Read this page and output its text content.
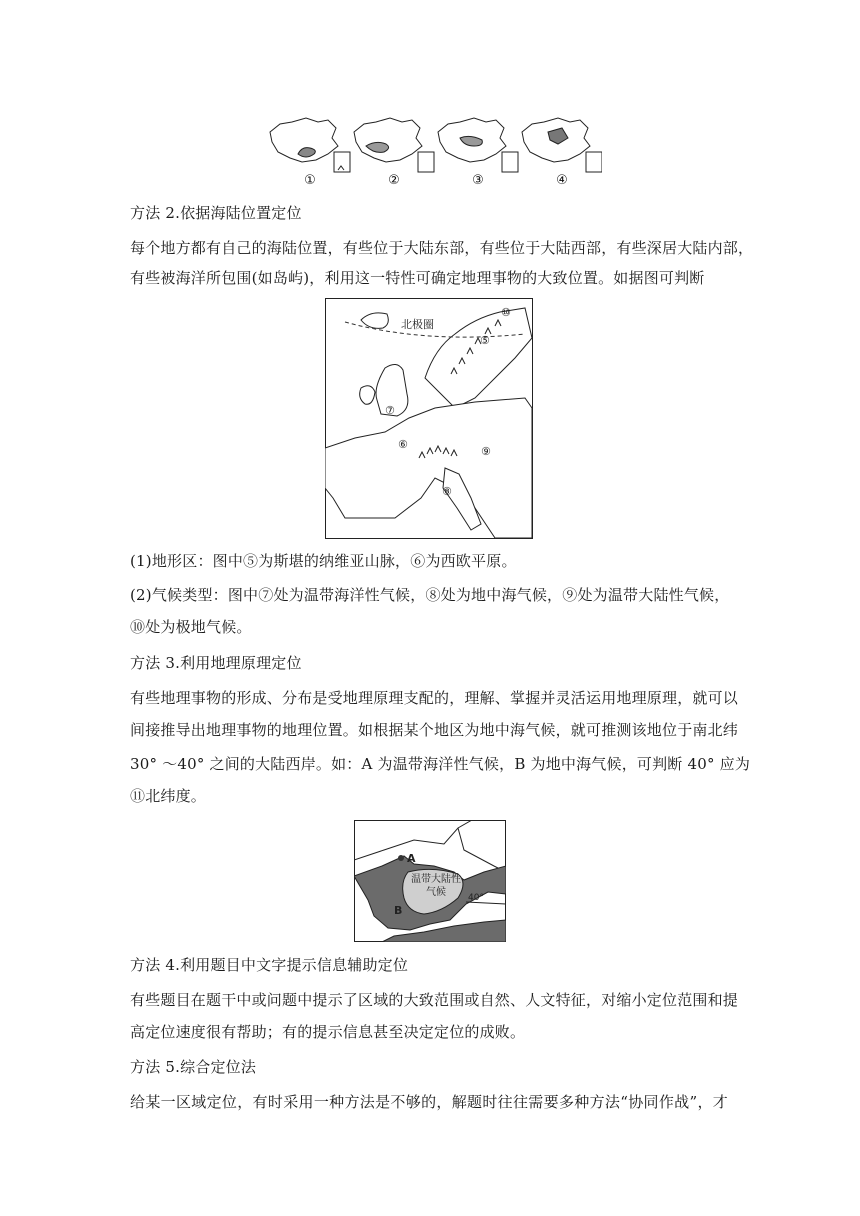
①	②	③	④
方法 2.依据海陆位置定位
每个地方都有自己的海陆位置，有些位于大陆东部，有些位于大陆西部，有些深居大陆内部，
有些被海洋所包围(如岛屿)，利用这一特性可确定地理事物的大致位置。如据图可判断
北极圈
⑤
⑥
⑦
⑧
⑨
⑩
(1)地形区：图中⑤为斯堪的纳维亚山脉，⑥为西欧平原。
(2)气候类型：图中⑦处为温带海洋性气候，⑧处为地中海气候，⑨处为温带大陆性气候，
⑩处为极地气候。
方法 3.利用地理原理定位
有些地理事物的形成、分布是受地理原理支配的，理解、掌握并灵活运用地理原理，就可以
间接推导出地理事物的地理位置。如根据某个地区为地中海气候，就可推测该地位于南北纬
30° ～40° 之间的大陆西岸。如：A 为温带海洋性气候，B 为地中海气候，可判断 40° 应为
⑪北纬度。
A
B
温带大陆性
气候 40°
方法 4.利用题目中文字提示信息辅助定位
有些题目在题干中或问题中提示了区域的大致范围或自然、人文特征，对缩小定位范围和提
高定位速度很有帮助；有的提示信息甚至决定定位的成败。
方法 5.综合定位法
给某一区域定位，有时采用一种方法是不够的，解题时往往需要多种方法“协同作战”，才
